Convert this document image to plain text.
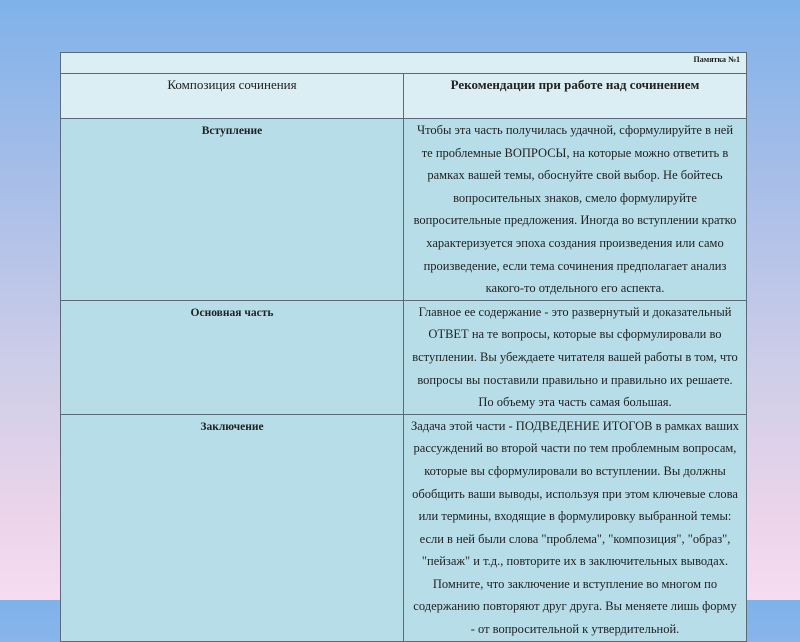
Памятка №1	
Композиция сочинения	Рекомендации при работе над сочинением
Вступление	Чтобы эта часть получилась удачной, сформулируйте в ней те проблемные ВОПРОСЫ, на которые можно ответить в рамках вашей темы, обоснуйте свой выбор. Не бойтесь вопросительных знаков, смело формулируйте вопросительные предложения. Иногда во вступлении кратко характеризуется эпоха создания произведения или само произведение, если тема сочинения предполагает анализ какого-то отдельного его аспекта.
Основная часть	Главное ее содержание - это развернутый и доказательный ОТВЕТ на те вопросы, которые вы сформулировали во вступлении. Вы убеждаете читателя вашей работы в том, что вопросы вы поставили правильно и правильно их решаете. По объему эта часть самая большая.
Заключение	Задача этой части - ПОДВЕДЕНИЕ ИТОГОВ в рамках ваших рассуждений во второй части по тем проблемным вопросам, которые вы сформулировали во вступлении. Вы должны обобщить ваши выводы, используя при этом ключевые слова или термины, входящие в формулировку выбранной темы: если в ней были слова "проблема", "композиция", "образ", "пейзаж" и т.д., повторите их в заключительных выводах. Помните, что заключение и вступление во многом по содержанию повторяют друг друга. Вы меняете лишь форму - от вопросительной к утвердительной.
